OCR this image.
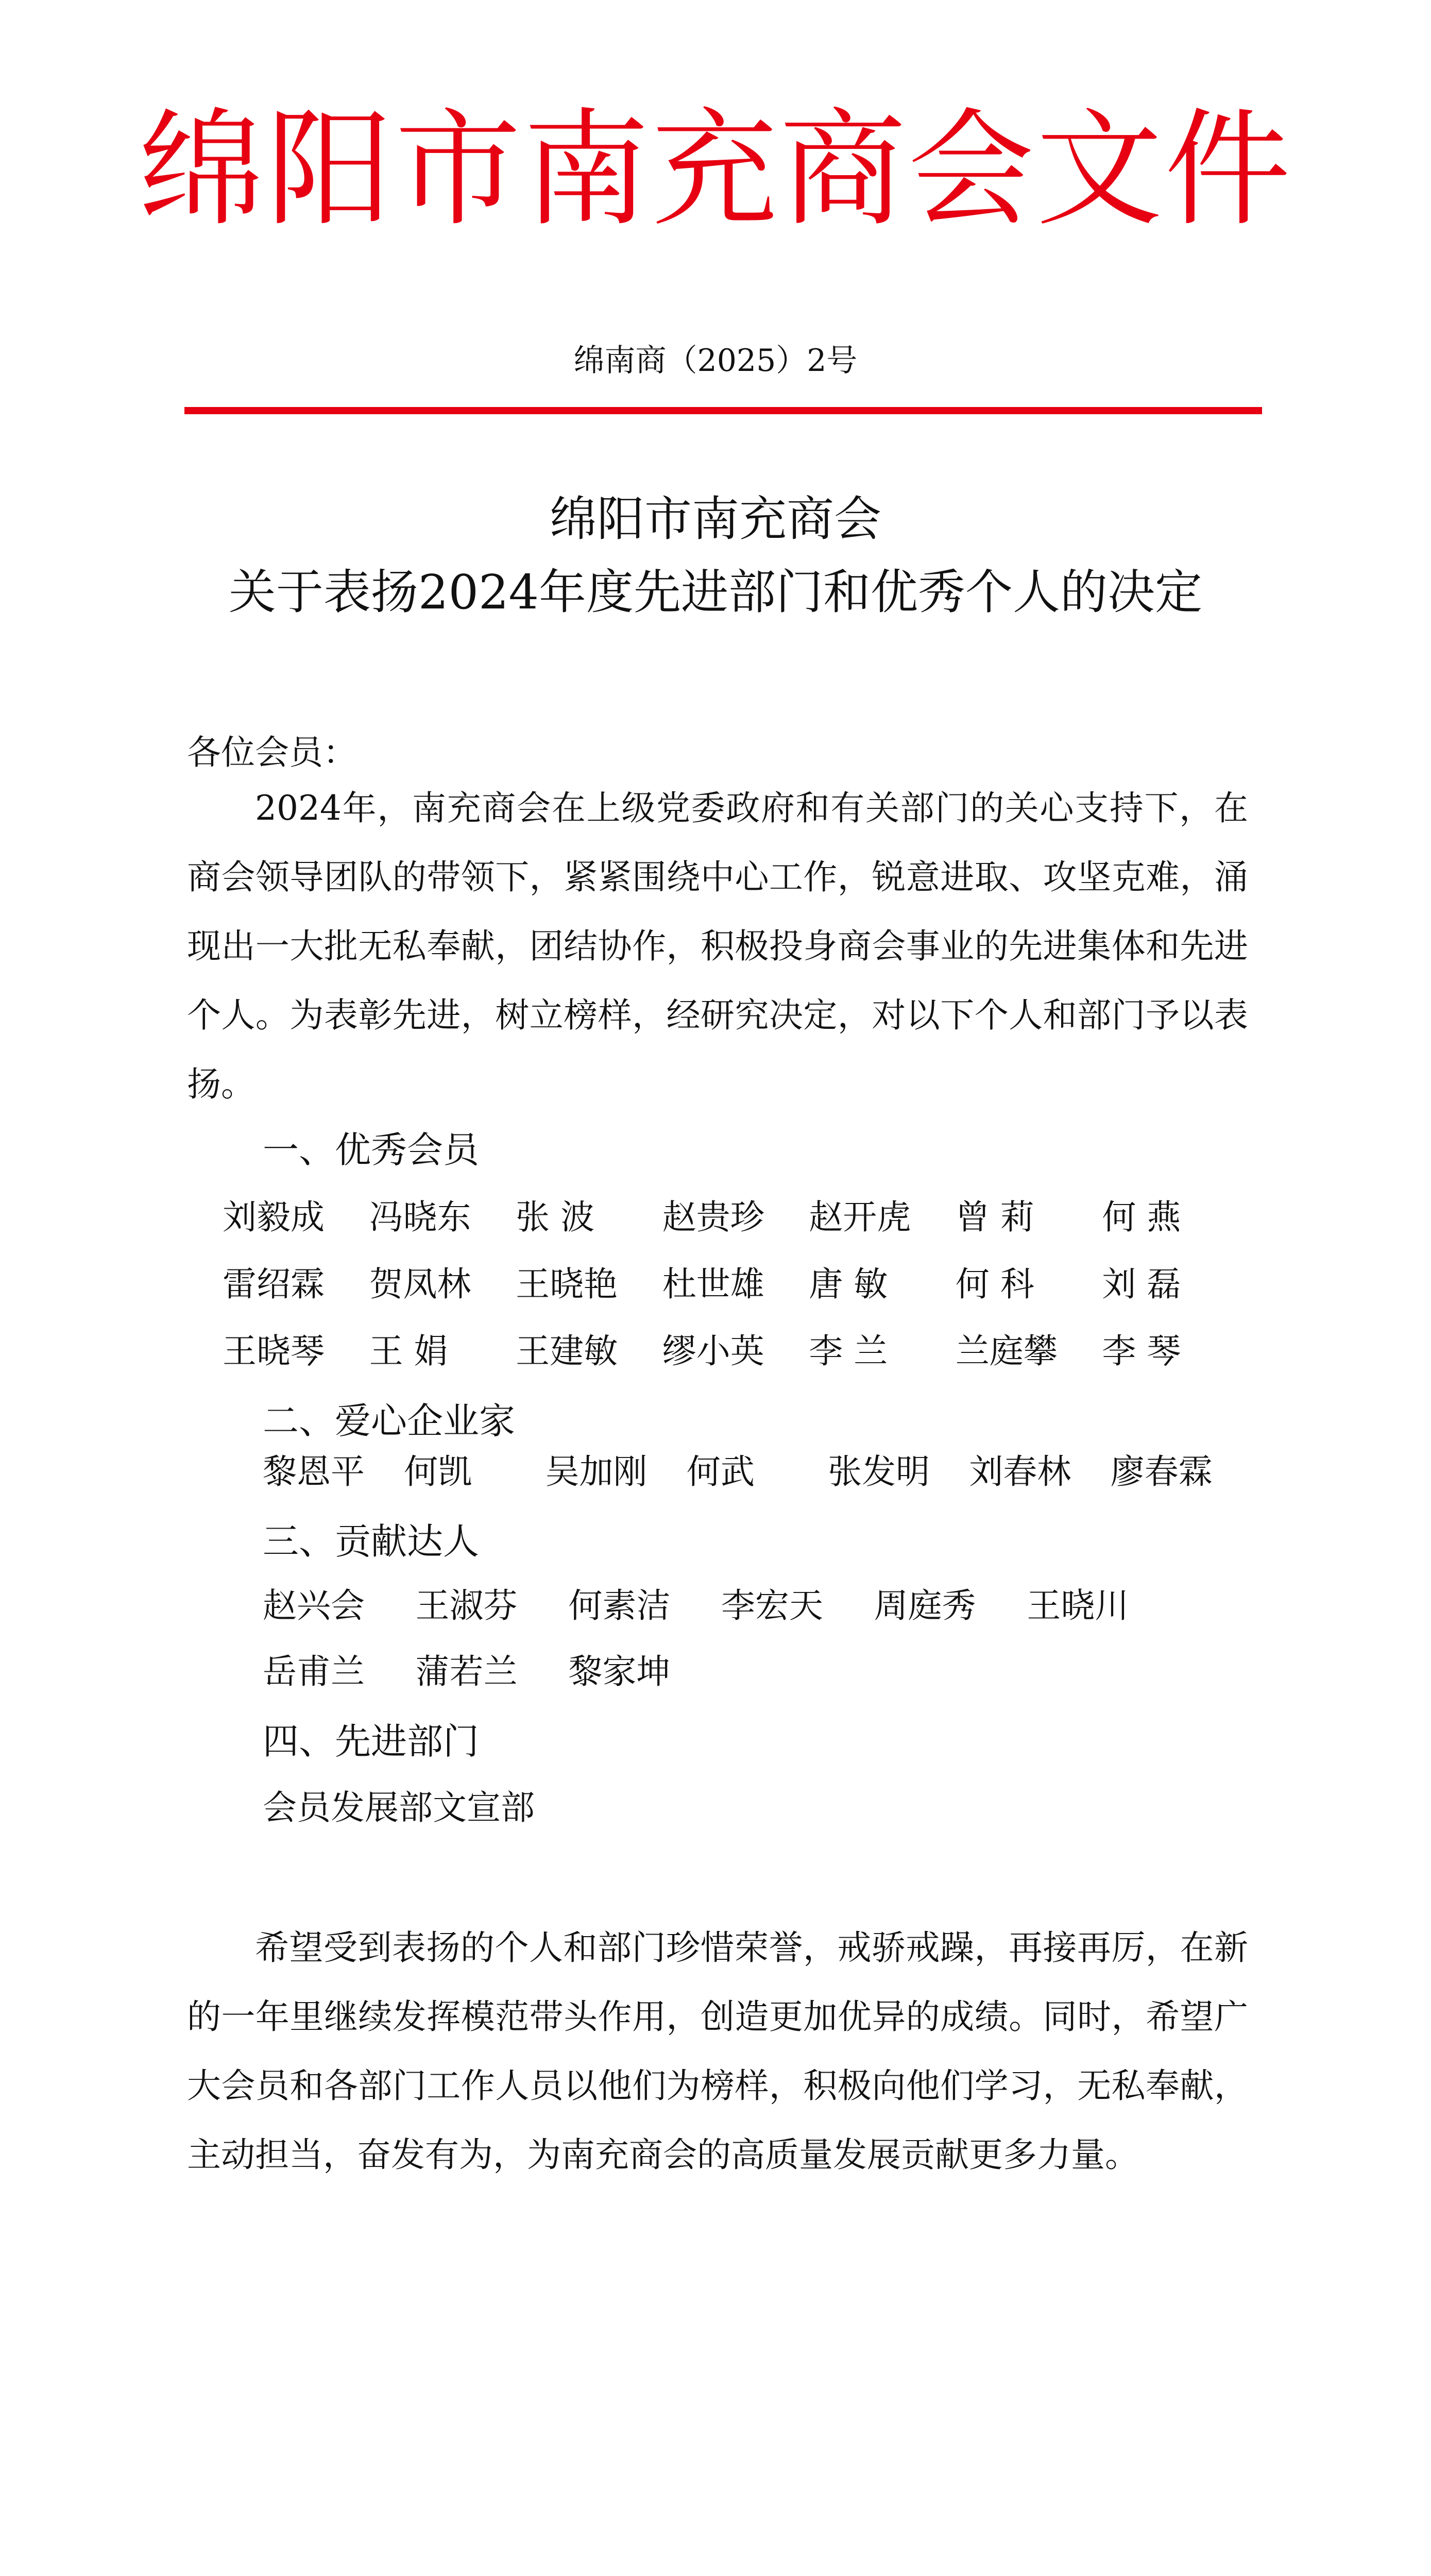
绵阳市南充商会文件
绵南商（2025）2号
绵阳市南充商会
关于表扬2024年度先进部门和优秀个人的决定
各位会员：
2024年，南充商会在上级党委政府和有关部门的关心支持下，在商会领导团队的带领下，紧紧围绕中心工作，锐意进取、攻坚克难，涌现出一大批无私奉献，团结协作，积极投身商会事业的先进集体和先进个人。为表彰先进，树立榜样，经研究决定，对以下个人和部门予以表扬。
一、优秀会员
刘毅成	冯晓东	张 波	赵贵珍	赵开虎	曾 莉	何 燕
雷绍霖	贺凤林	王晓艳	杜世雄	唐 敏	何 科	刘 磊
王晓琴	王 娟	王建敏	缪小英	李 兰	兰庭攀	李 琴
二、爱心企业家
黎恩平	何凯	吴加刚	何武	张发明	刘春林	廖春霖
三、贡献达人
赵兴会	王淑芬	何素洁	李宏天	周庭秀	王晓川
岳甫兰	蒲若兰	黎家坤
四、先进部门
会员发展部 文宣部
希望受到表扬的个人和部门珍惜荣誉，戒骄戒躁，再接再厉，在新的一年里继续发挥模范带头作用，创造更加优异的成绩。同时，希望广大会员和各部门工作人员以他们为榜样，积极向他们学习，无私奉献，主动担当，奋发有为，为南充商会的高质量发展贡献更多力量。
